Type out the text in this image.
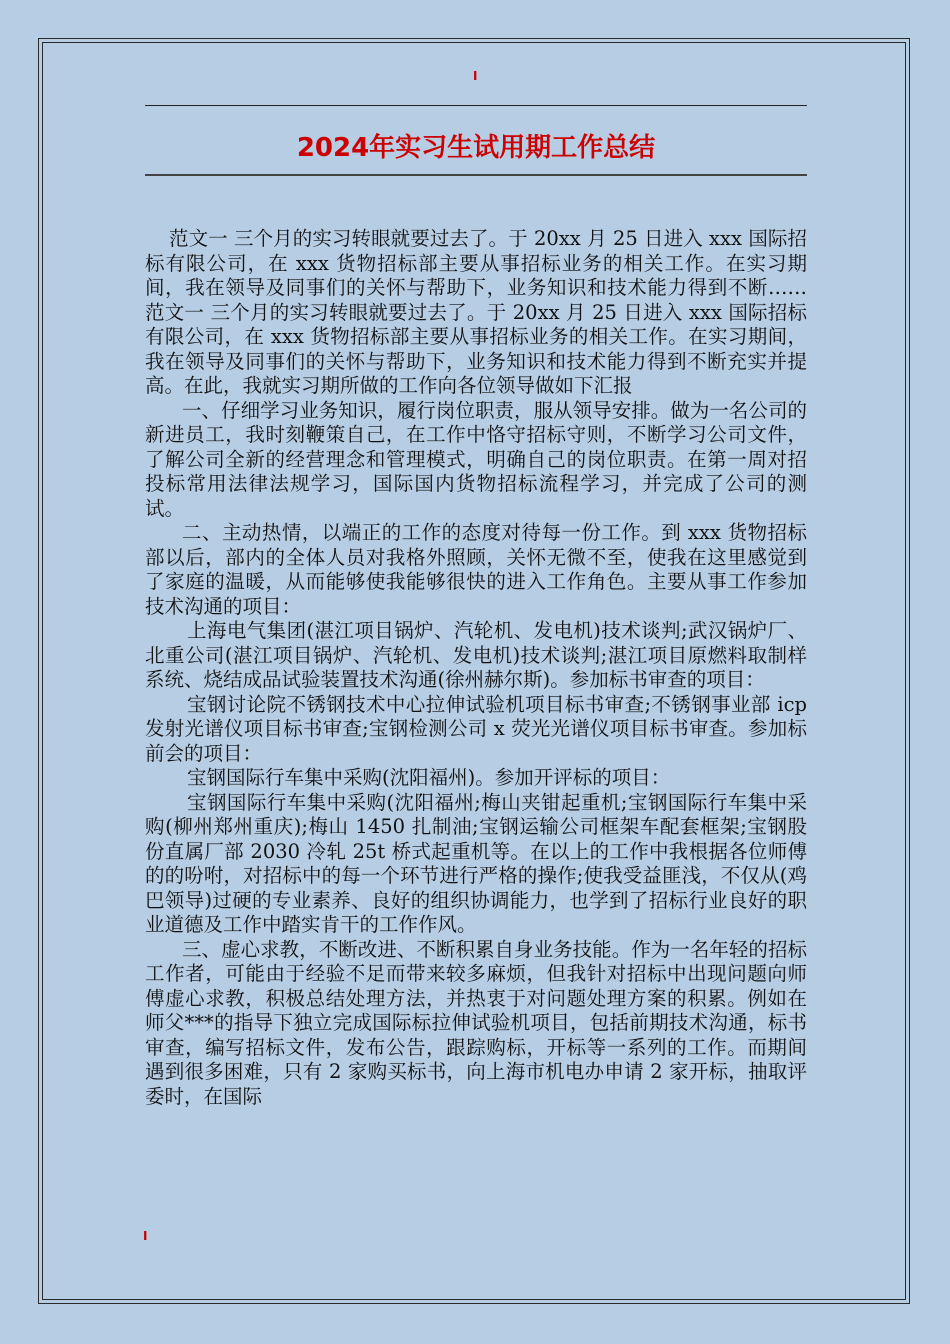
I
2024年实习生试用期工作总结

范文一 三个月的实习转眼就要过去了。于 20xx 月 25 日进入 xxx 国际招标有限公司，在 xxx 货物招标部主要从事招标业务的相关工作。在实习期间，我在领导及同事们的关怀与帮助下，业务知识和技术能力得到不断…… 范文一 三个月的实习转眼就要过去了。于 20xx 月 25 日进入 xxx 国际招标有限公司，在 xxx 货物招标部主要从事招标业务的相关工作。在实习期间，我在领导及同事们的关怀与帮助下，业务知识和技术能力得到不断充实并提高。在此，我就实习期所做的工作向各位领导做如下汇报

一、仔细学习业务知识，履行岗位职责，服从领导安排。做为一名公司的新进员工，我时刻鞭策自己，在工作中恪守招标守则，不断学习公司文件，了解公司全新的经营理念和管理模式，明确自己的岗位职责。在第一周对招投标常用法律法规学习，国际国内货物招标流程学习，并完成了公司的测试。

二、主动热情，以端正的工作的态度对待每一份工作。到 xxx 货物招标部以后，部内的全体人员对我格外照顾，关怀无微不至，使我在这里感觉到了家庭的温暖，从而能够使我能够很快的进入工作角色。主要从事工作参加技术沟通的项目：

上海电气集团(湛江项目锅炉、汽轮机、发电机)技术谈判;武汉锅炉厂、北重公司(湛江项目锅炉、汽轮机、发电机)技术谈判;湛江项目原燃料取制样系统、烧结成品试验装置技术沟通(徐州赫尔斯)。参加标书审查的项目：

宝钢讨论院不锈钢技术中心拉伸试验机项目标书审查;不锈钢事业部 icp 发射光谱仪项目标书审查;宝钢检测公司 x 荧光光谱仪项目标书审查。参加标前会的项目：

宝钢国际行车集中采购(沈阳福州)。参加开评标的项目：

宝钢国际行车集中采购(沈阳福州;梅山夹钳起重机;宝钢国际行车集中采购(柳州郑州重庆);梅山 1450 扎制油;宝钢运输公司框架车配套框架;宝钢股份直属厂部 2030 冷轧 25t 桥式起重机等。在以上的工作中我根据各位师傅的的吩咐，对招标中的每一个环节进行严格的操作;使我受益匪浅，不仅从(鸡巴领导)过硬的专业素养、良好的组织协调能力，也学到了招标行业良好的职业道德及工作中踏实肯干的工作作风。

三、虚心求教，不断改进、不断积累自身业务技能。作为一名年轻的招标工作者，可能由于经验不足而带来较多麻烦，但我针对招标中出现问题向师傅虚心求教，积极总结处理方法，并热衷于对问题处理方案的积累。例如在师父***的指导下独立完成国际标拉伸试验机项目，包括前期技术沟通，标书审查，编写招标文件，发布公告，跟踪购标，开标等一系列的工作。而期间遇到很多困难，只有 2 家购买标书，向上海市机电办申请 2 家开标，抽取评委时，在国际

I
